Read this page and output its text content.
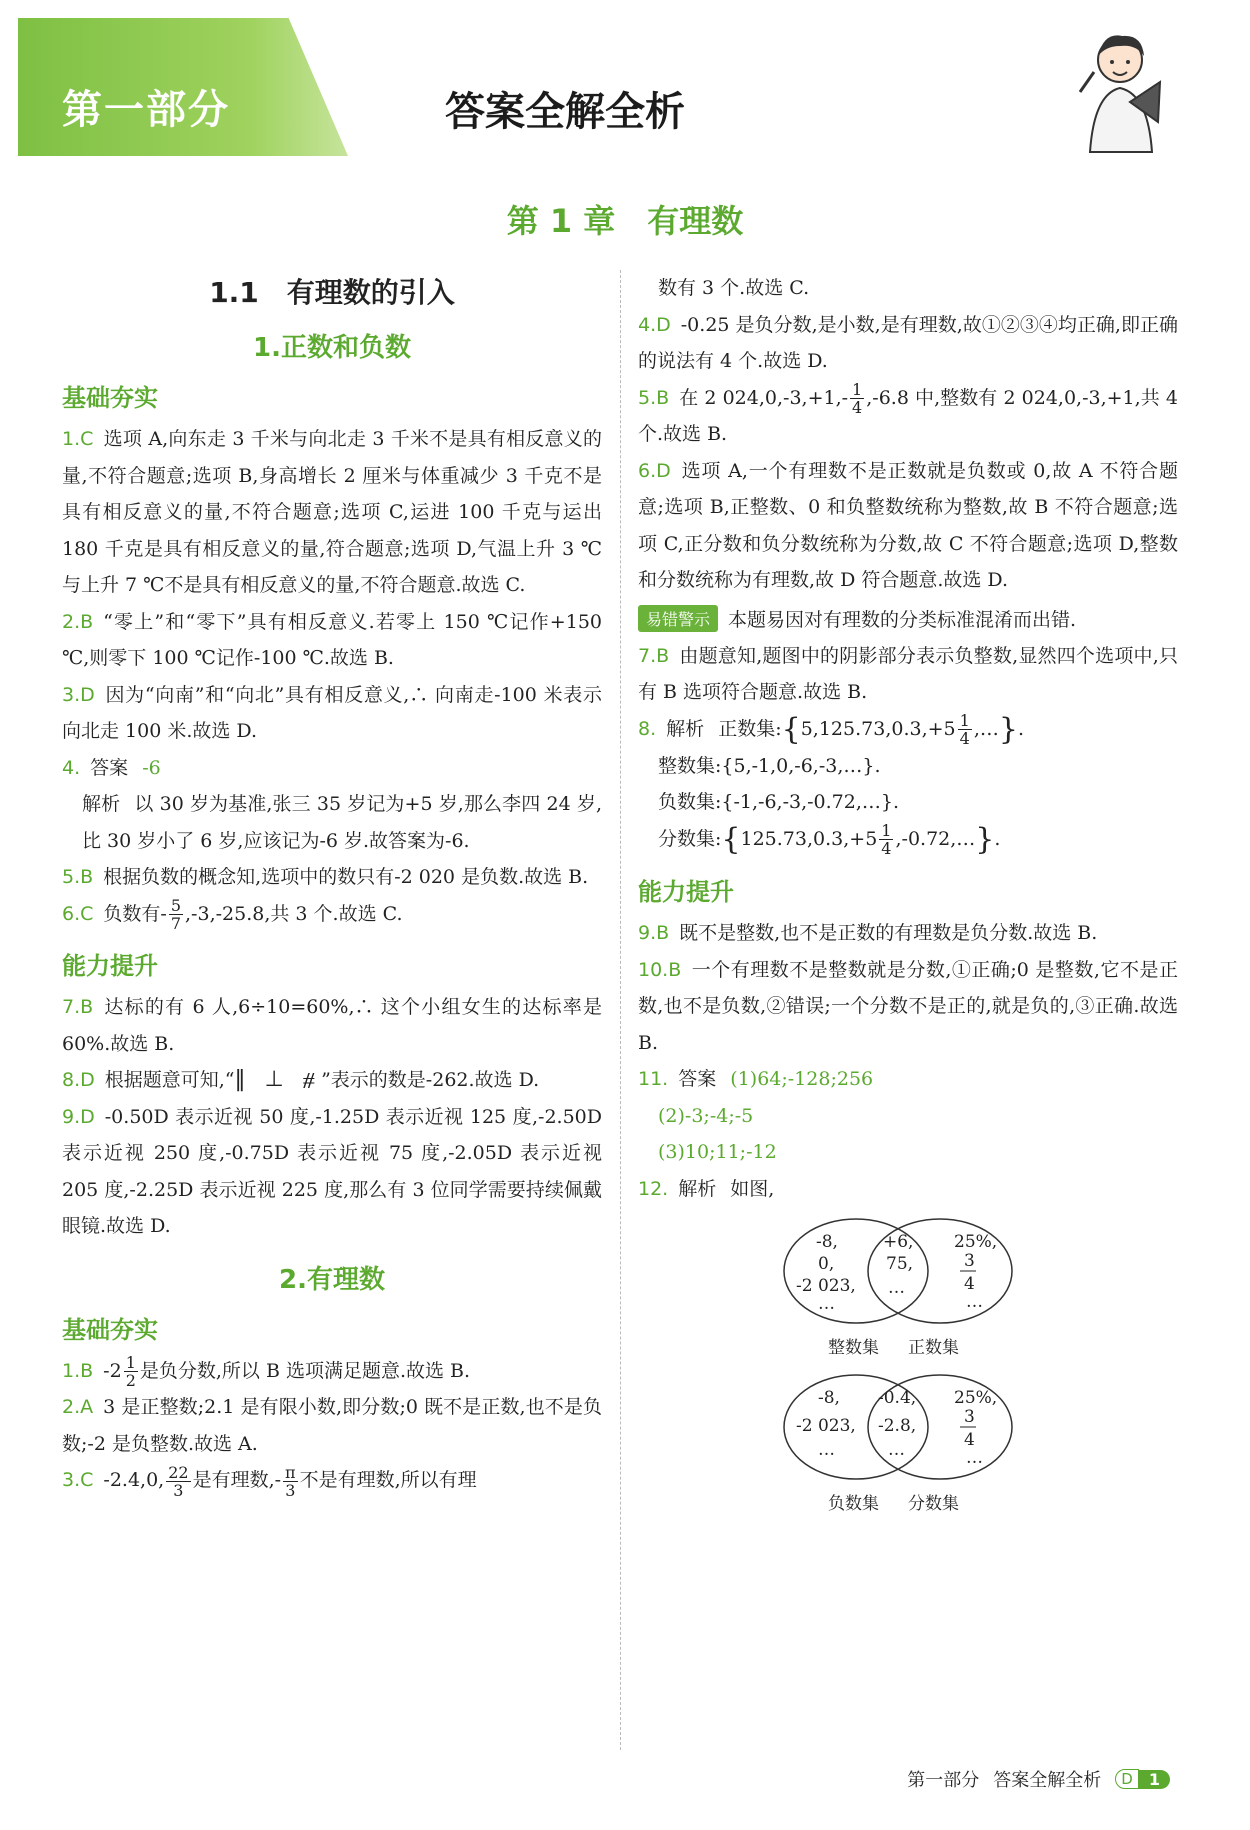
第一部分	答案全解全析
第 1 章　有理数
1.1　有理数的引入
1.正数和负数
基础夯实

1.C 选项 A,向东走 3 千米与向北走 3 千米不是具有相反意义的量,不符合题意;选项 B,身高增长 2 厘米与体重减少 3 千克不是具有相反意义的量,不符合题意;选项 C,运进 100 千克与运出 180 千克是具有相反意义的量,符合题意;选项 D,气温上升 3 ℃与上升 7 ℃不是具有相反意义的量,不符合题意.故选 C.

2.B “零上”和“零下”具有相反意义.若零上 150 ℃记作+150 ℃,则零下 100 ℃记作-100 ℃.故选 B.

3.D 因为“向南”和“向北”具有相反意义,∴ 向南走-100 米表示向北走 100 米.故选 D.

4. 答案 -6

解析 以 30 岁为基准,张三 35 岁记为+5 岁,那么李四 24 岁,比 30 岁小了 6 岁,应该记为-6 岁.故答案为-6.

5.B 根据负数的概念知,选项中的数只有-2 020 是负数.故选 B.

6.C 负数有- $\frac{5}{7} ,-3,-25.8$,共 3 个.故选 C.

能力提升

7.B 达标的有 6 人,6÷10=60%,∴ 这个小组女生的达标率是 60%.故选 B.

8.D 根据题意可知,“‖ ⊥ ⧣”表示的数是-262.故选 D.

9.D -0.50D 表示近视 50 度,-1.25D 表示近视 125 度,-2.50D 表示近视 250 度,-0.75D 表示近视 75 度,-2.05D 表示近视 205 度,-2.25D 表示近视 225 度,那么有 3 位同学需要持续佩戴眼镜.故选 D.

2.有理数
基础夯实

1.B $-2 \frac{1}{2}$ 是负分数,所以 B 选项满足题意.故选 B.

2.A 3 是正整数;2.1 是有限小数,即分数;0 既不是正数,也不是负数;-2 是负整数.故选 A.

3.C -2.4,0, $\frac{22}{3}$ 是有理数,- $\frac{\pi}{3}$ 不是有理数,所以有理

数有 3 个.故选 C.

4.D -0.25 是负分数,是小数,是有理数,故①②③④均正确,即正确的说法有 4 个.故选 D.

5.B 在 2 $024,0,-3,+1,- \frac{1}{4} ,-6.8$ 中,整数有 2 024,0,-3,+1,共 4 个.故选 B.

6.D 选项 A,一个有理数不是正数就是负数或 0,故 A 不符合题意;选项 B,正整数、0 和负整数统称为整数,故 B 不符合题意;选项 C,正分数和负分数统称为分数,故 C 不符合题意;选项 D,整数和分数统称为有理数,故 D 符合题意.故选 D.

易错警示 本题易因对有理数的分类标准混淆而出错.

7.B 由题意知,题图中的阴影部分表示负整数,显然四个选项中,只有 B 选项符合题意.故选 B.

8. 解析 正数集:{5,125.73,0.3,+5 $\frac{1}{4}$ ,…}.

整数集:{5,-1,0,-6,-3,…}.

负数集:{-1,-6,-3,-0.72,…}.

分数集:{125.73,0.3,+5 $\frac{1}{4}$ ,-0.72,…}.

能力提升

9.B 既不是整数,也不是正数的有理数是负分数.故选 B.

10.B 一个有理数不是整数就是分数,①正确;0 是整数,它不是正数,也不是负数,②错误;一个分数不是正的,就是负的,③正确.故选 B.

11. 答案 (1)64;-128;256

(2)-3;-4;-5

(3)10;11;-12

12. 解析 如图,

-8,
0,
-2 023,
…
+6,
75,
…
25%,
3
4
…
整数集 正数集
-8,
-2 023,
…
-0.4,
-2.8,
…
25%,
3
4
…
负数集 分数集
第一部分 答案全解全析	D	1
